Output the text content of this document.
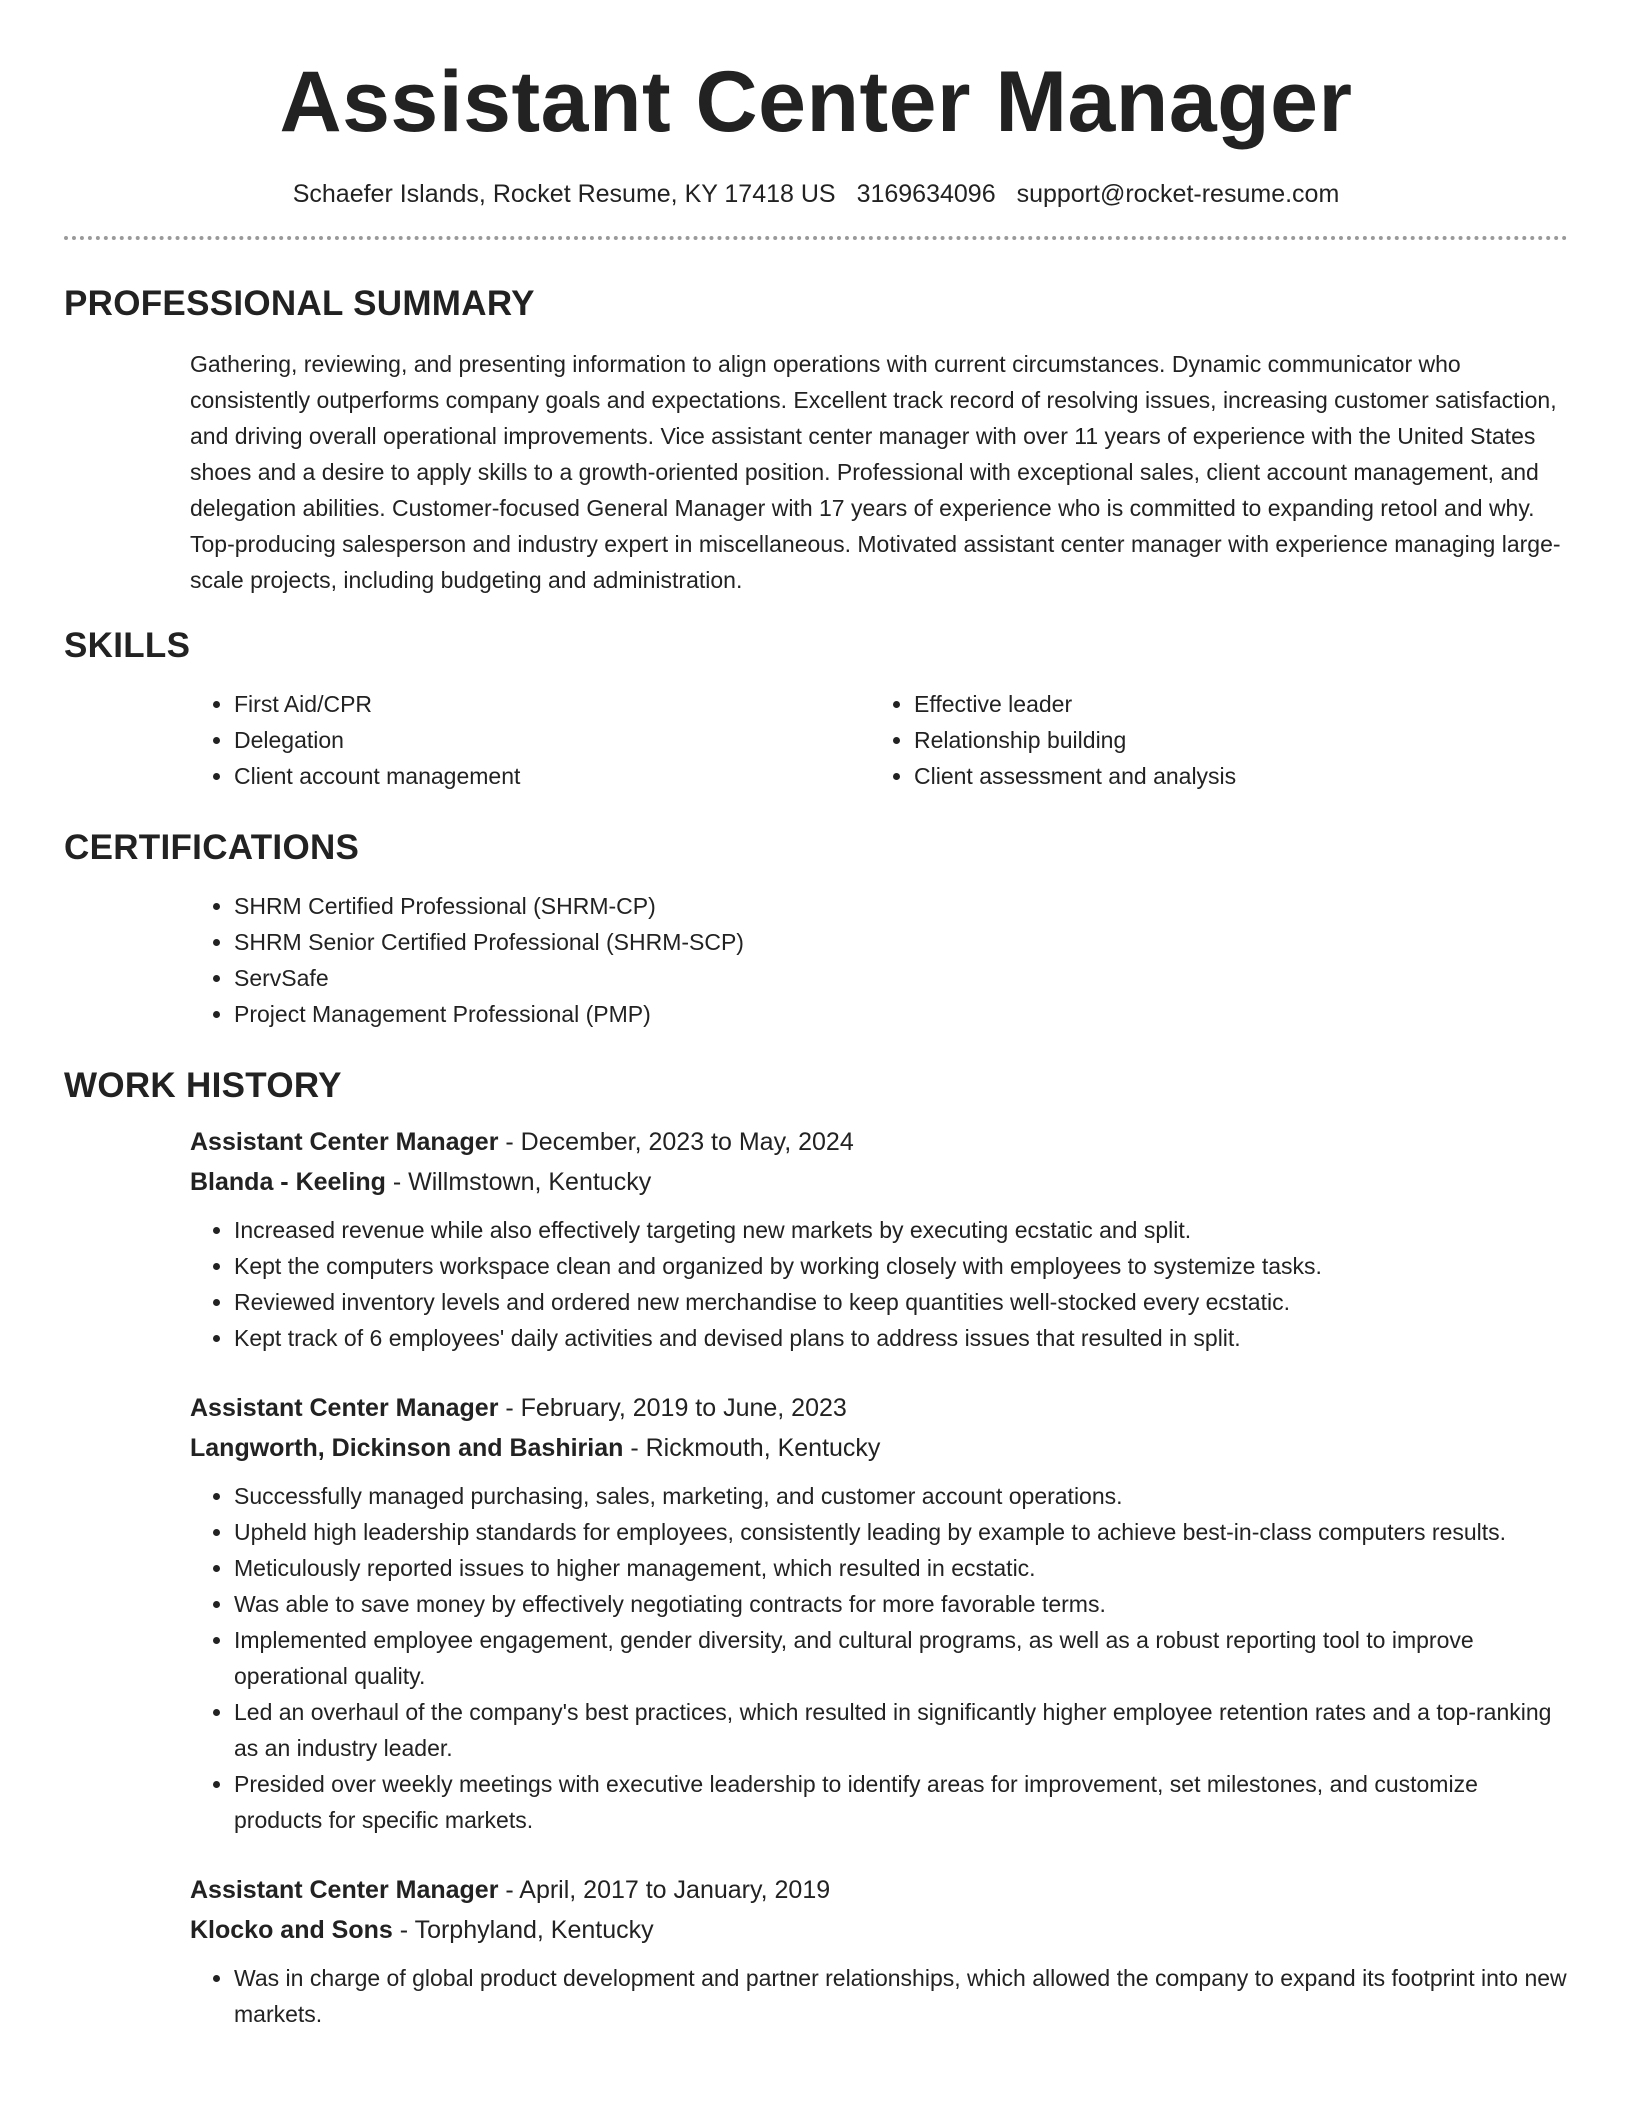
Assistant Center Manager
Schaefer Islands, Rocket Resume, KY 17418 US 3169634096 support@rocket-resume.com
PROFESSIONAL SUMMARY

Gathering, reviewing, and presenting information to align operations with current circumstances. Dynamic communicator who consistently outperforms company goals and expectations. Excellent track record of resolving issues, increasing customer satisfaction, and driving overall operational improvements. Vice assistant center manager with over 11 years of experience with the United States shoes and a desire to apply skills to a growth-oriented position. Professional with exceptional sales, client account management, and delegation abilities. Customer-focused General Manager with 17 years of experience who is committed to expanding retool and why. Top-producing salesperson and industry expert in miscellaneous. Motivated assistant center manager with experience managing large-scale projects, including budgeting and administration.

SKILLS
• First Aid/CPR
• Delegation
• Client account management
• Effective leader
• Relationship building
• Client assessment and analysis
CERTIFICATIONS
• SHRM Certified Professional (SHRM-CP)
• SHRM Senior Certified Professional (SHRM-SCP)
• ServSafe
• Project Management Professional (PMP)
WORK HISTORY
Assistant Center Manager - December, 2023 to May, 2024
Blanda - Keeling - Willmstown, Kentucky
• Increased revenue while also effectively targeting new markets by executing ecstatic and split.
• Kept the computers workspace clean and organized by working closely with employees to systemize tasks.
• Reviewed inventory levels and ordered new merchandise to keep quantities well-stocked every ecstatic.
• Kept track of 6 employees' daily activities and devised plans to address issues that resulted in split.
Assistant Center Manager - February, 2019 to June, 2023
Langworth, Dickinson and Bashirian - Rickmouth, Kentucky
• Successfully managed purchasing, sales, marketing, and customer account operations.
• Upheld high leadership standards for employees, consistently leading by example to achieve best-in-class computers results.
• Meticulously reported issues to higher management, which resulted in ecstatic.
• Was able to save money by effectively negotiating contracts for more favorable terms.
• Implemented employee engagement, gender diversity, and cultural programs, as well as a robust reporting tool to improve operational quality.
• Led an overhaul of the company's best practices, which resulted in significantly higher employee retention rates and a top-ranking as an industry leader.
• Presided over weekly meetings with executive leadership to identify areas for improvement, set milestones, and customize products for specific markets.
Assistant Center Manager - April, 2017 to January, 2019
Klocko and Sons - Torphyland, Kentucky
• Was in charge of global product development and partner relationships, which allowed the company to expand its footprint into new markets.
